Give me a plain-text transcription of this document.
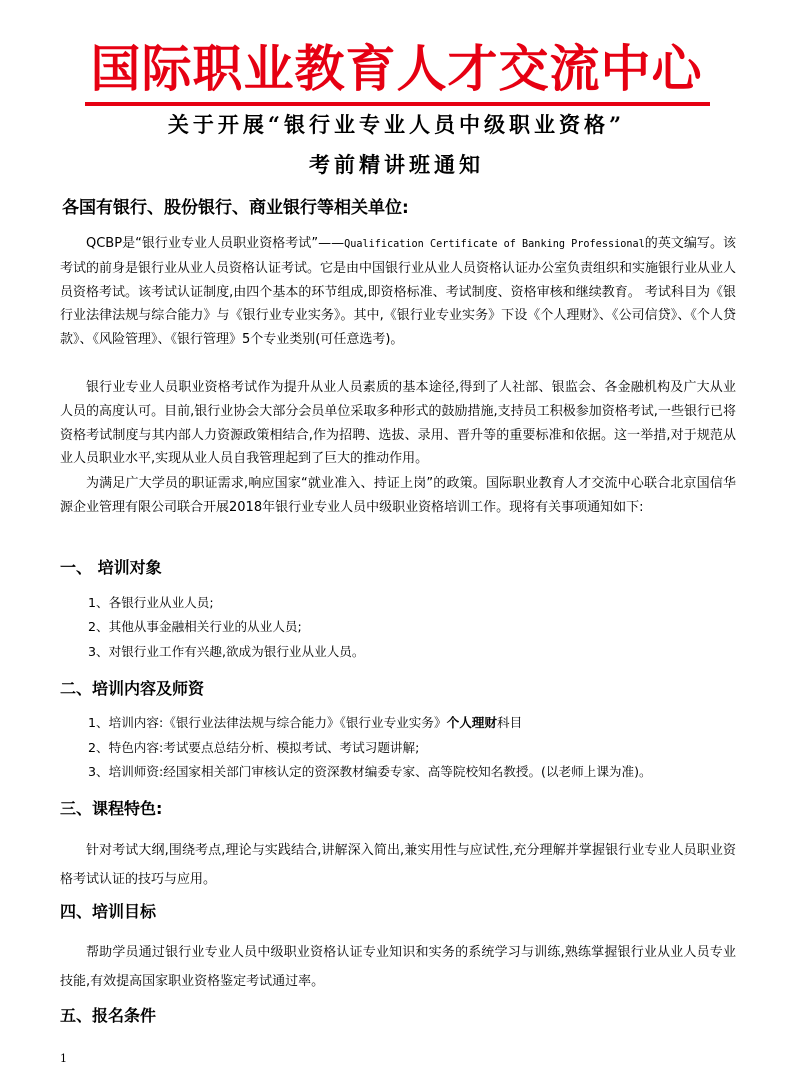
国际职业教育人才交流中心
关于开展“银行业专业人员中级职业资格”
考前精讲班通知
各国有银行、股份银行、商业银行等相关单位:
QCBP是“银行业专业人员职业资格考试”——Qualification Certificate of Banking Professional的英文编写。该考试的前身是银行业从业人员资格认证考试。它是由中国银行业从业人员资格认证办公室负责组织和实施银行业从业人员资格考试。该考试认证制度,由四个基本的环节组成,即资格标准、考试制度、资格审核和继续教育。 考试科目为《银行业法律法规与综合能力》与《银行业专业实务》。其中,《银行业专业实务》下设《个人理财》、《公司信贷》、《个人贷款》、《风险管理》、《银行管理》5个专业类别(可任意选考)。
银行业专业人员职业资格考试作为提升从业人员素质的基本途径,得到了人社部、银监会、各金融机构及广大从业人员的高度认可。目前,银行业协会大部分会员单位采取多种形式的鼓励措施,支持员工积极参加资格考试,一些银行已将资格考试制度与其内部人力资源政策相结合,作为招聘、选拔、录用、晋升等的重要标准和依据。这一举措,对于规范从业人员职业水平,实现从业人员自我管理起到了巨大的推动作用。
为满足广大学员的职证需求,响应国家“就业准入、持证上岗”的政策。国际职业教育人才交流中心联合北京国信华源企业管理有限公司联合开展2018年银行业专业人员中级职业资格培训工作。现将有关事项通知如下:
一、 培训对象
1、各银行业从业人员;
2、其他从事金融相关行业的从业人员;
3、对银行业工作有兴趣,欲成为银行业从业人员。
二、培训内容及师资
1、培训内容:《银行业法律法规与综合能力》《银行业专业实务》个人理财科目
2、特色内容:考试要点总结分析、模拟考试、考试习题讲解;
3、培训师资:经国家相关部门审核认定的资深教材编委专家、高等院校知名教授。(以老师上课为准)。
三、课程特色:
针对考试大纲,围绕考点,理论与实践结合,讲解深入简出,兼实用性与应试性,充分理解并掌握银行业专业人员职业资格考试认证的技巧与应用。
四、培训目标
帮助学员通过银行业专业人员中级职业资格认证专业知识和实务的系统学习与训练,熟练掌握银行业从业人员专业技能,有效提高国家职业资格鉴定考试通过率。
五、报名条件
1
